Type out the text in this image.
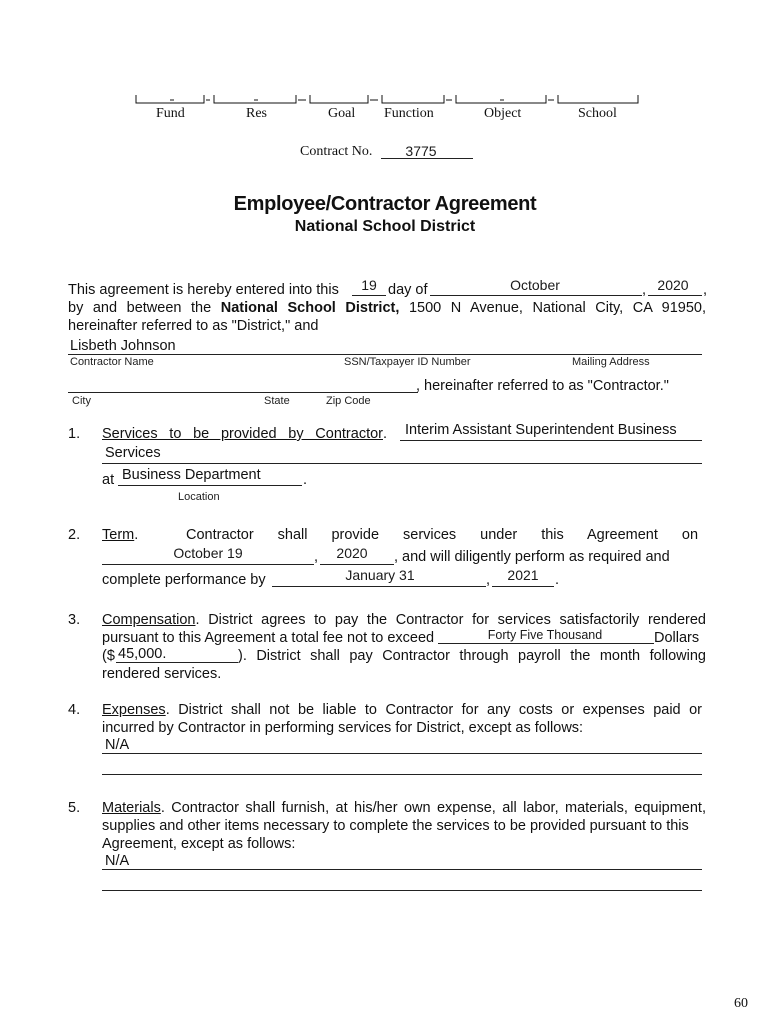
Fund	Res	Goal Function	Object	School
Contract No.	3775
Employee/Contractor Agreement
National School District
This agreement is hereby entered into this	19 day of	October	, 2020 ,
by and between the National School District, 1500 N Avenue, National City, CA 91950,
hereinafter referred to as "District," and
Lisbeth Johnson
Contractor Name	SSN/Taxpayer ID Number	Mailing Address
, hereinafter referred to as "Contractor."
City	State	Zip Code
1. Services to be provided by Contractor . Interim Assistant Superintendent Business
Services
at Business Department	.
Location
2. Term.	Contractor shall provide services under this Agreement on
October 19	,	2020	, and will diligently perform as required and
complete performance by	January 31	,	2021	.
3. Compensation. District agrees to pay the Contractor for services satisfactorily rendered
pursuant to this Agreement a total fee not to exceed	Forty Five Thousand	Dollars
($ 45,000.	). District shall pay Contractor through payroll the month following
rendered services.
4. Expenses. District shall not be liable to Contractor for any costs or expenses paid or
incurred by Contractor in performing services for District, except as follows:
N/A
5. Materials. Contractor shall furnish, at his/her own expense, all labor, materials, equipment,
supplies and other items necessary to complete the services to be provided pursuant to this
Agreement, except as follows:
N/A
60
